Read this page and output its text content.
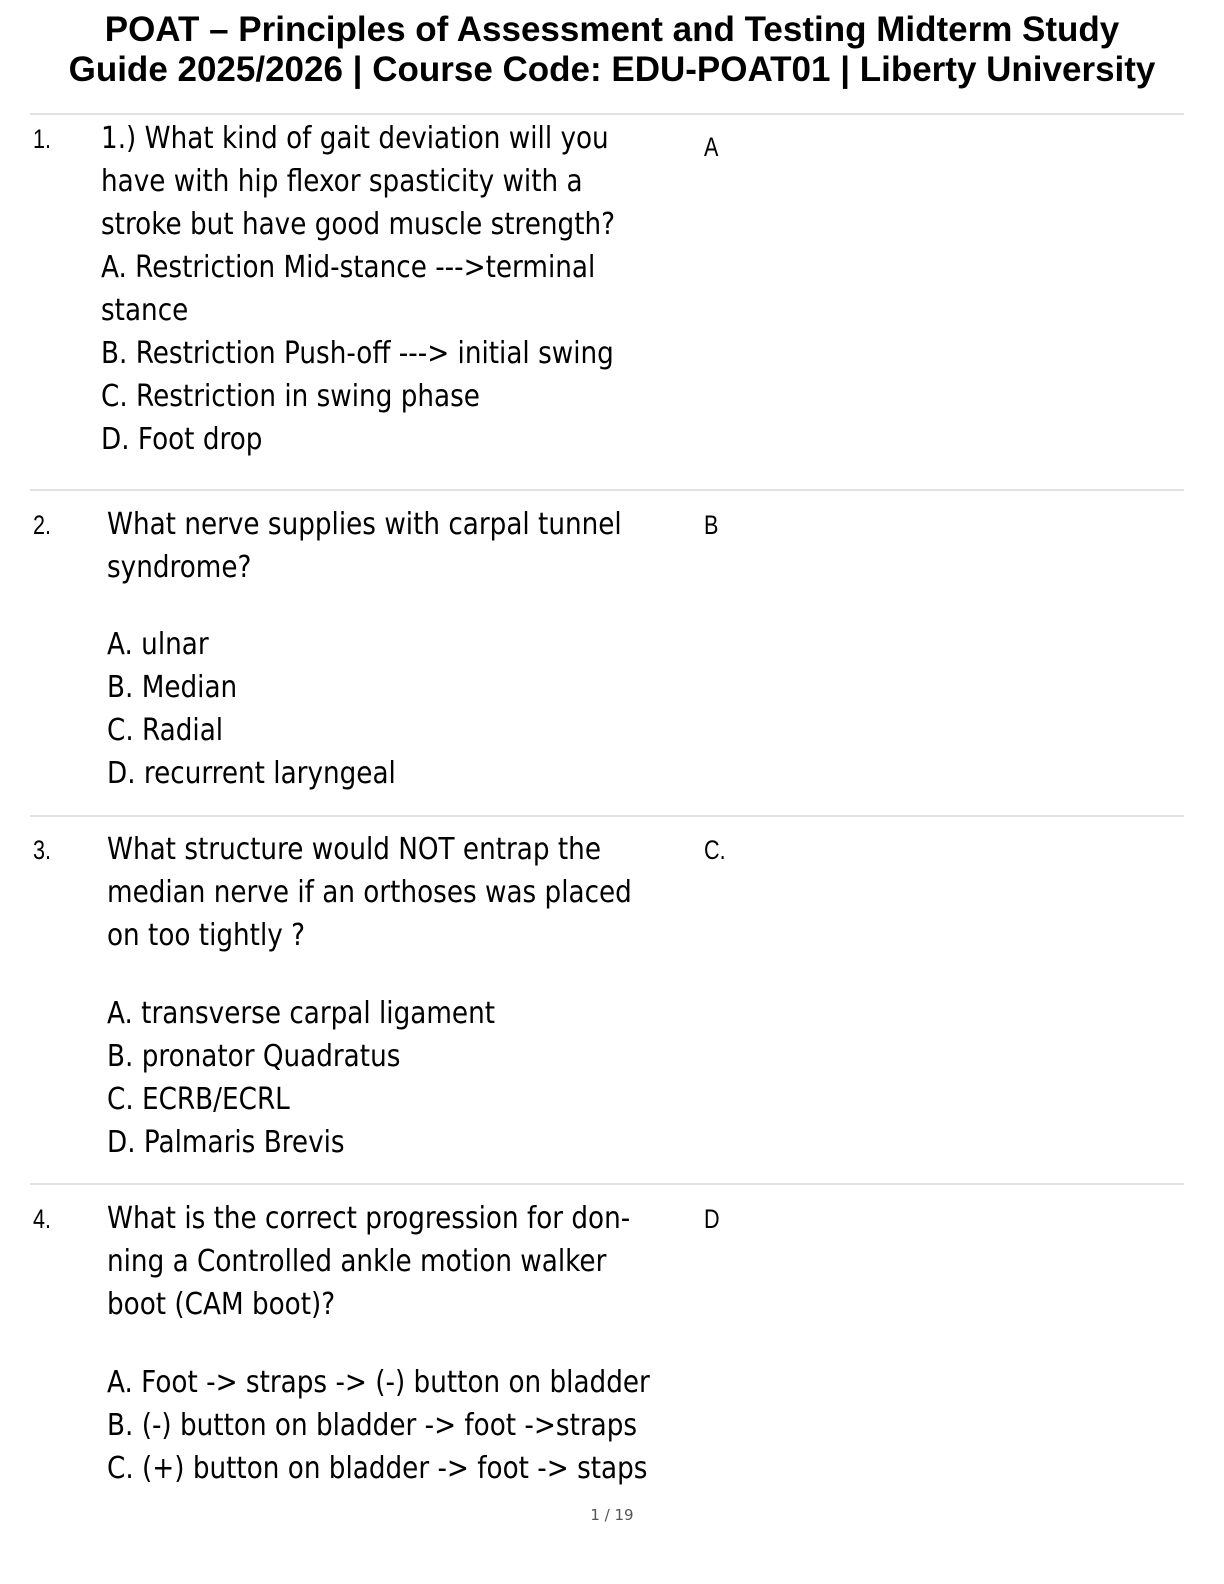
POAT – Principles of Assessment and Testing Midterm Study
Guide 2025/2026 | Course Code: EDU-POAT01 | Liberty University
1. 1.) What kind of gait deviation will you
have with hip flexor spasticity with a
stroke but have good muscle strength?
A. Restriction Mid-stance --->terminal
stance
B. Restriction Push-off ---> initial swing
C. Restriction in swing phase
D. Foot drop
A
2. What nerve supplies with carpal tunnel
syndrome?
A. ulnar
B. Median
C. Radial
D. recurrent laryngeal
B
3. What structure would NOT entrap the
median nerve if an orthoses was placed
on too tightly ?
A. transverse carpal ligament
B. pronator Quadratus
C. ECRB/ECRL
D. Palmaris Brevis
C.
4. What is the correct progression for don-
ning a Controlled ankle motion walker
boot (CAM boot)?
A. Foot -> straps -> (-) button on bladder
B. (-) button on bladder -> foot ->straps
C. (+) button on bladder -> foot -> staps
D
1 / 19
